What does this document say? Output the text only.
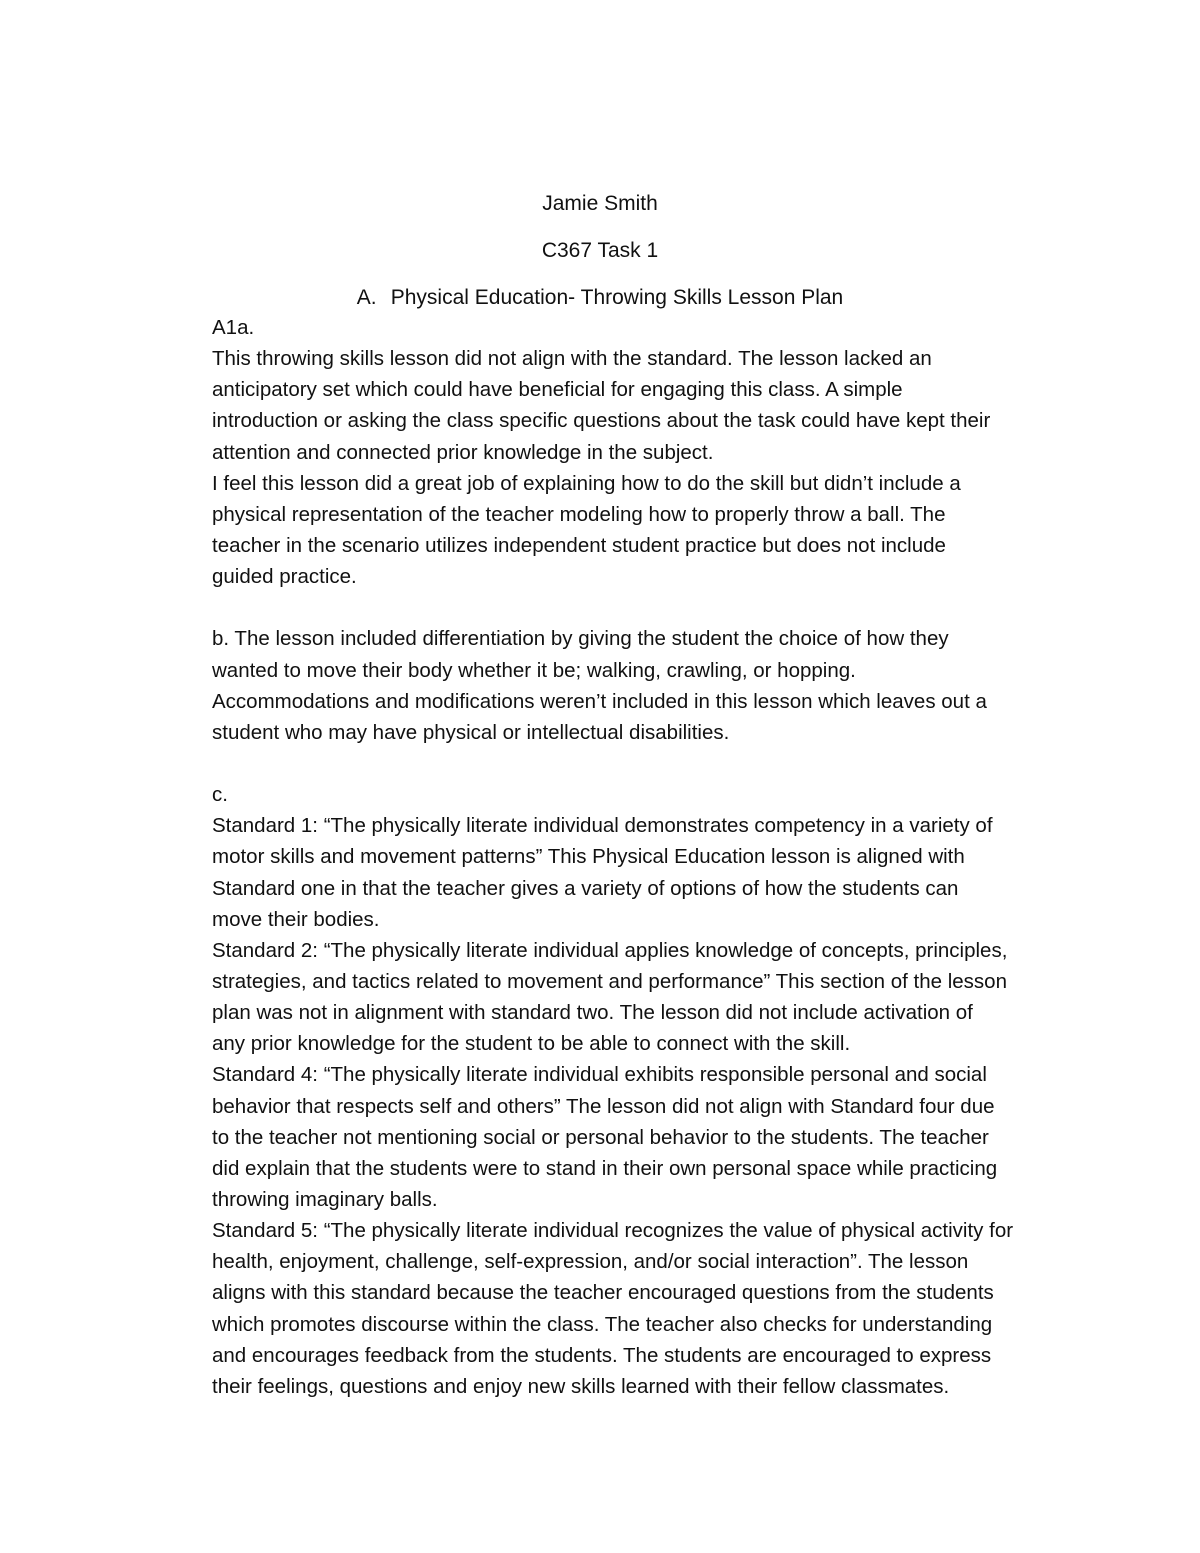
Jamie Smith
C367 Task 1
A. Physical Education- Throwing Skills Lesson Plan
A1a.
This throwing skills lesson did not align with the standard. The lesson lacked an
anticipatory set which could have beneficial for engaging this class. A simple
introduction or asking the class specific questions about the task could have kept their
attention and connected prior knowledge in the subject.
I feel this lesson did a great job of explaining how to do the skill but didn’t include a
physical representation of the teacher modeling how to properly throw a ball. The
teacher in the scenario utilizes independent student practice but does not include
guided practice.
b. The lesson included differentiation by giving the student the choice of how they
wanted to move their body whether it be; walking, crawling, or hopping.
Accommodations and modifications weren’t included in this lesson which leaves out a
student who may have physical or intellectual disabilities.
c.
Standard 1: “The physically literate individual demonstrates competency in a variety of
motor skills and movement patterns” This Physical Education lesson is aligned with
Standard one in that the teacher gives a variety of options of how the students can
move their bodies.
Standard 2: “The physically literate individual applies knowledge of concepts, principles,
strategies, and tactics related to movement and performance” This section of the lesson
plan was not in alignment with standard two. The lesson did not include activation of
any prior knowledge for the student to be able to connect with the skill.
Standard 4: “The physically literate individual exhibits responsible personal and social
behavior that respects self and others” The lesson did not align with Standard four due
to the teacher not mentioning social or personal behavior to the students. The teacher
did explain that the students were to stand in their own personal space while practicing
throwing imaginary balls.
Standard 5: “The physically literate individual recognizes the value of physical activity for
health, enjoyment, challenge, self-expression, and/or social interaction”. The lesson
aligns with this standard because the teacher encouraged questions from the students
which promotes discourse within the class. The teacher also checks for understanding
and encourages feedback from the students. The students are encouraged to express
their feelings, questions and enjoy new skills learned with their fellow classmates.
